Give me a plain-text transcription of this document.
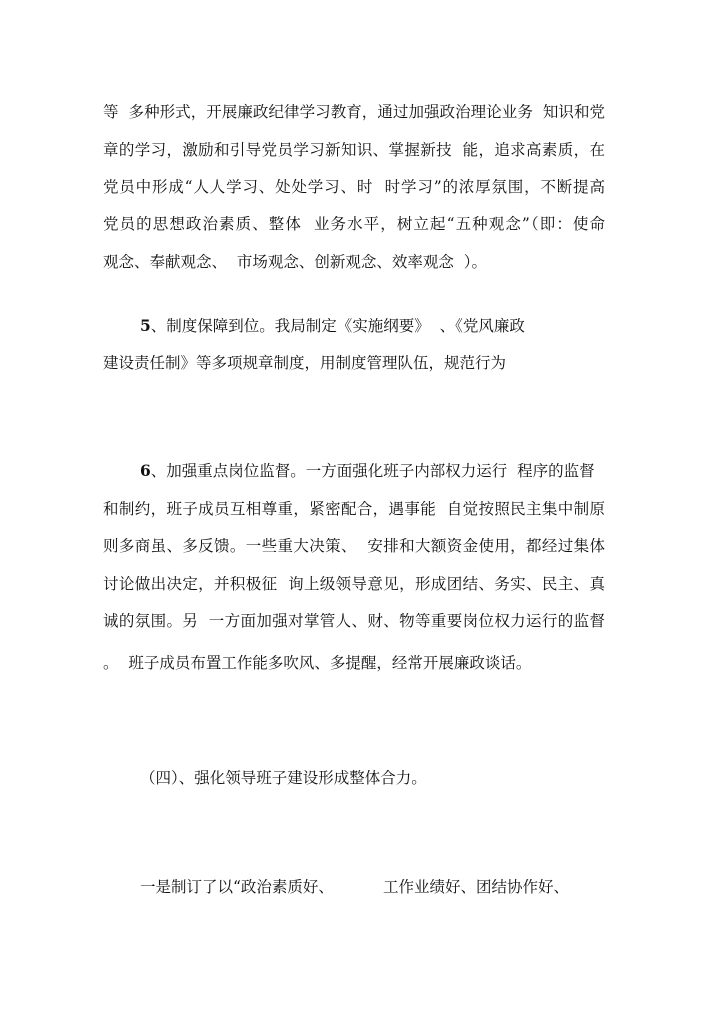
等  多种形式，开展廉政纪律学习教育，通过加强政治理论业务  知识和党
章的学习，激励和引导党员学习新知识、掌握新技  能，追求高素质，在
党员中形成“人人学习、处处学习、时  时学习”的浓厚氛围，不断提高
党员的思想政治素质、整体  业务水平，树立起“五种观念”（即：使命
观念、奉献观念、  市场观念、创新观念、效率观念  ）。
5、制度保障到位。我局制定《实施纲要》  、《党风廉政
建设责任制》等多项规章制度，用制度管理队伍，规范行为
6、加强重点岗位监督。一方面强化班子内部权力运行  程序的监督
和制约，班子成员互相尊重，紧密配合，遇事能  自觉按照民主集中制原
则多商虽、多反馈。一些重大决策、  安排和大额资金使用，都经过集体
讨论做出决定，并积极征  询上级领导意见，形成团结、务实、民主、真
诚的氛围。另  一方面加强对掌管人、财、物等重要岗位权力运行的监督
。  班子成员布置工作能多吹风、多提醒，经常开展廉政谈话。
（四）、强化领导班子建设形成整体合力。
一是制订了以“政治素质好、	工作业绩好、团结协作好、
